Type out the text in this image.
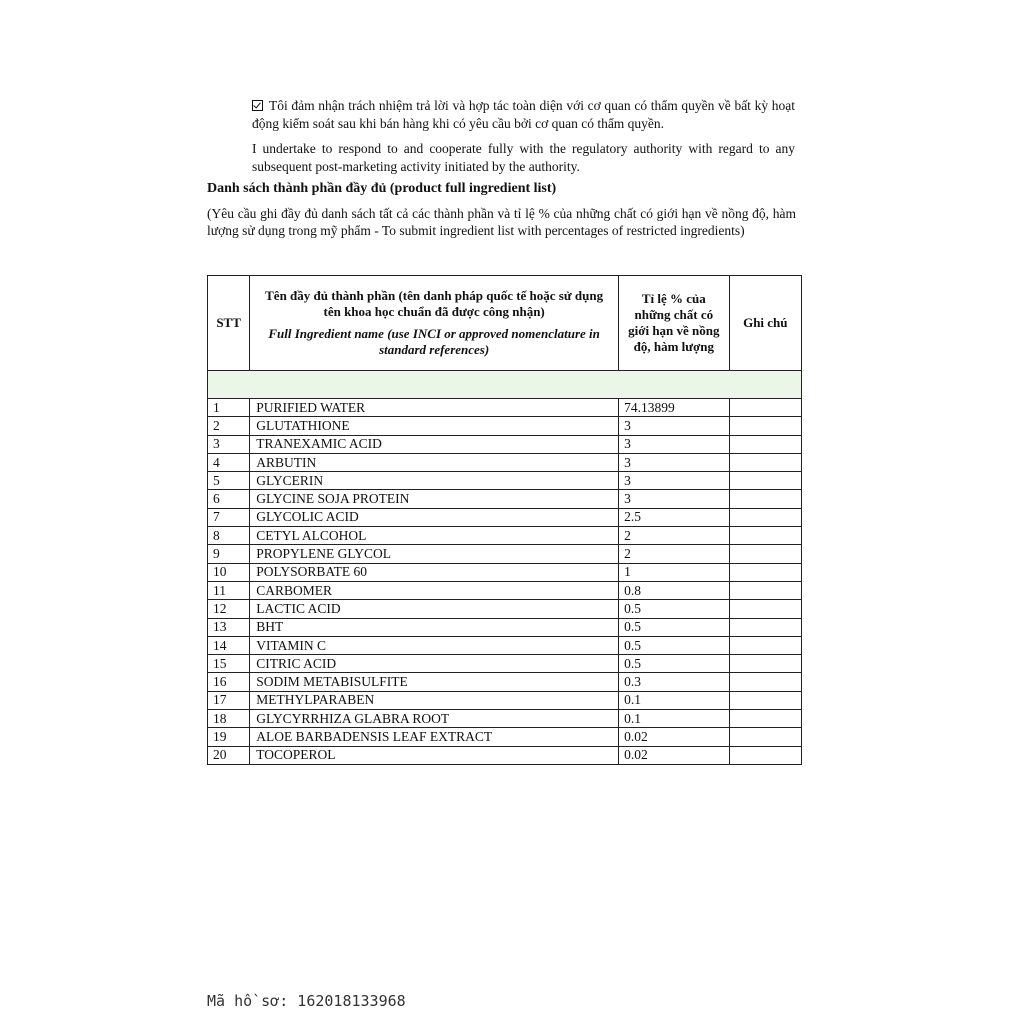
Tôi đảm nhận trách nhiệm trả lời và hợp tác toàn diện với cơ quan có thẩm quyền về bất kỳ hoạt động kiểm soát sau khi bán hàng khi có yêu cầu bởi cơ quan có thẩm quyền.
I undertake to respond to and cooperate fully with the regulatory authority with regard to any subsequent post-marketing activity initiated by the authority.
Danh sách thành phần đầy đủ (product full ingredient list)
(Yêu cầu ghi đầy đủ danh sách tất cả các thành phần và tỉ lệ % của những chất có giới hạn về nồng độ, hàm lượng sử dụng trong mỹ phẩm - To submit ingredient list with percentages of restricted ingredients)
STT	Tên đầy đủ thành phần (tên danh pháp quốc tế hoặc sử dụng tên khoa học chuẩn đã được công nhận)
Full Ingredient name (use INCI or approved nomenclature in standard references)	Tỉ lệ % của những chất có giới hạn về nồng độ, hàm lượng	Ghi chú

1	PURIFIED WATER	74.13899	
2	GLUTATHIONE	3	
3	TRANEXAMIC ACID	3	
4	ARBUTIN	3	
5	GLYCERIN	3	
6	GLYCINE SOJA PROTEIN	3	
7	GLYCOLIC ACID	2.5	
8	CETYL ALCOHOL	2	
9	PROPYLENE GLYCOL	2	
10	POLYSORBATE 60	1	
11	CARBOMER	0.8	
12	LACTIC ACID	0.5	
13	BHT	0.5	
14	VITAMIN C	0.5	
15	CITRIC ACID	0.5	
16	SODIM METABISULFITE	0.3	
17	METHYLPARABEN	0.1	
18	GLYCYRRHIZA GLABRA ROOT	0.1	
19	ALOE BARBADENSIS LEAF EXTRACT	0.02	
20	TOCOPEROL	0.02	
Mã hồ sơ: 162018133968
